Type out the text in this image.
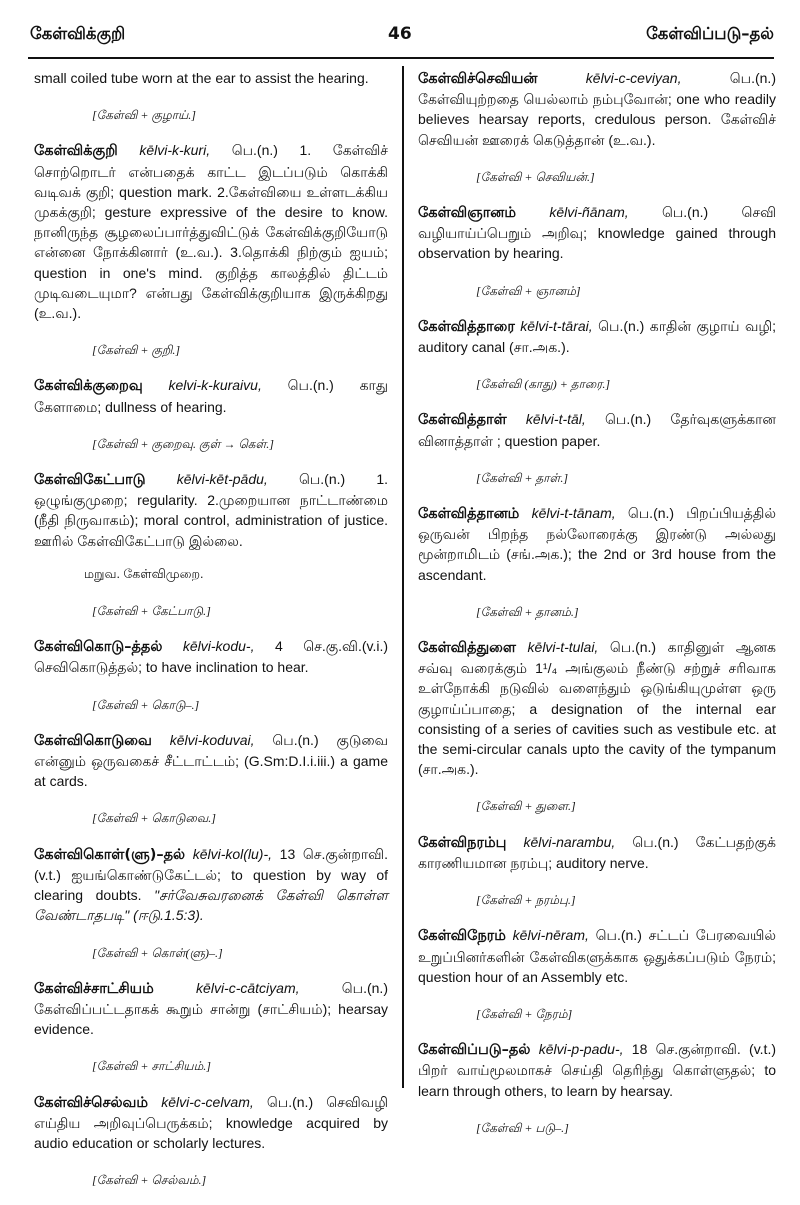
கேள்விக்குறி	46	கேள்விப்படு–தல்

small coiled tube worn at the ear to assist the hearing.

[கேள்வி + குழாய்.]

கேள்விக்குறி kēlvi-k-kuri, பெ.(n.) 1. கேள்விச் சொற்றொடர் என்பதைக் காட்ட இடப்படும் கொக்கி வடிவக் குறி; question mark. 2.கேள்வியை உள்ளடக்கிய முகக்குறி; gesture expressive of the desire to know. நானிருந்த சூழலைப்பார்த்துவிட்டுக் கேள்விக்குறியோடு என்னை நோக்கினார் (உ.வ.). 3.தொக்கி நிற்கும் ஐயம்; question in one's mind. குறித்த காலத்தில் திட்டம் முடிவடையுமா? என்பது கேள்விக்குறியாக இருக்கிறது (உ.வ.).

[கேள்வி + குறி.]

கேள்விக்குறைவு kelvi-k-kuraivu, பெ.(n.) காது கேளாமை; dullness of hearing.

[கேள்வி + குறைவு. குள் → கெள்.]

கேள்விகேட்பாடு kēlvi-kēt-pādu, பெ.(n.) 1. ஒழுங்குமுறை; regularity. 2.முறையான நாட்டாண்மை (நீதி நிருவாகம்); moral control, administration of justice. ஊரில் கேள்விகேட்பாடு இல்லை.

மறுவ. கேள்விமுறை.
[கேள்வி + கேட்பாடு.]

கேள்விகொடு–த்தல் kēlvi-kodu-, 4 செ.கு.வி.(v.i.) செவிகொடுத்தல்; to have inclination to hear.

[கேள்வி + கொடு–.]

கேள்விகொடுவை kēlvi-koduvai, பெ.(n.) குடுவை என்னும் ஒருவகைச் சீட்டாட்டம்; (G.Sm:D.I.i.iii.) a game at cards.

[கேள்வி + கொடுவை.]

கேள்விகொள்(ளு)–தல் kēlvi-kol(lu)-, 13 செ.குன்றாவி.(v.t.) ஐயங்கொண்டுகேட்டல்; to question by way of clearing doubts. "சர்வேசுவரனைக் கேள்வி கொள்ள வேண்டாதபடி" (ஈடு.1.5:3).

[கேள்வி + கொள்(ளு)–.]

கேள்விச்சாட்சியம்	kēlvi-c-cātciyam,	பெ.(n.) கேள்விப்பட்டதாகக் கூறும் சான்று (சாட்சியம்); hearsay evidence.

[கேள்வி + சாட்சியம்.]

கேள்விச்செல்வம் kēlvi-c-celvam, பெ.(n.) செவிவழி எய்திய அறிவுப்பெருக்கம்; knowledge acquired by audio education or scholarly lectures.

[கேள்வி + செல்வம்.]

கேள்விச்செவியன்	kēlvi-c-ceviyan,	பெ.(n.) கேள்வியுற்றதை யெல்லாம் நம்புவோன்; one who readily believes hearsay reports, credulous person. கேள்விச் செவியன் ஊரைக் கெடுத்தான் (உ.வ.).

[கேள்வி + செவியன்.]

கேள்விஞானம் kēlvi-ñānam, பெ.(n.) செவி வழியாய்ப்பெறும் அறிவு; knowledge gained through observation by hearing.

[கேள்வி + ஞானம்]

கேள்வித்தாரை kēlvi-t-tārai, பெ.(n.) காதின் குழாய் வழி; auditory canal (சா.அக.).

[கேள்வி (காது) + தாரை.]

கேள்வித்தாள் kēlvi-t-tāl, பெ.(n.) தேர்வுகளுக்கான வினாத்தாள் ; question paper.

[கேள்வி + தாள்.]

கேள்வித்தானம் kēlvi-t-tānam, பெ.(n.) பிறப்பியத்தில் ஒருவன் பிறந்த நல்லோரைக்கு இரண்டு அல்லது மூன்றாமிடம் (சங்.அக.); the 2nd or 3rd house from the ascendant.

[கேள்வி + தானம்.]

கேள்வித்துளை kēlvi-t-tulai, பெ.(n.) காதினுள் ஆனக சவ்வு வரைக்கும் 1¹/₄ அங்குலம் நீண்டு சற்றுச் சரிவாக உள்நோக்கி நடுவில் வளைந்தும் ஒடுங்கியுமுள்ள ஒரு குழாய்ப்பாதை; a designation of the internal ear consisting of a series of cavities such as vestibule etc. at the semi-circular canals upto the cavity of the tympanum (சா.அக.).

[கேள்வி + துளை.]

கேள்விநரம்பு kēlvi-narambu, பெ.(n.) கேட்பதற்குக் காரணியமான நரம்பு; auditory nerve.

[கேள்வி + நரம்பு.]

கேள்விநேரம் kēlvi-nēram, பெ.(n.) சட்டப் பேரவையில் உறுப்பினர்களின் கேள்விகளுக்காக ஒதுக்கப்படும் நேரம்; question hour of an Assembly etc.

[கேள்வி + நேரம்]

கேள்விப்படு–தல் kēlvi-p-padu-, 18 செ.குன்றாவி. (v.t.) பிறர் வாய்மூலமாகச் செய்தி தெரிந்து கொள்ளுதல்; to learn through others, to learn by hearsay.

[கேள்வி + படு–.]
